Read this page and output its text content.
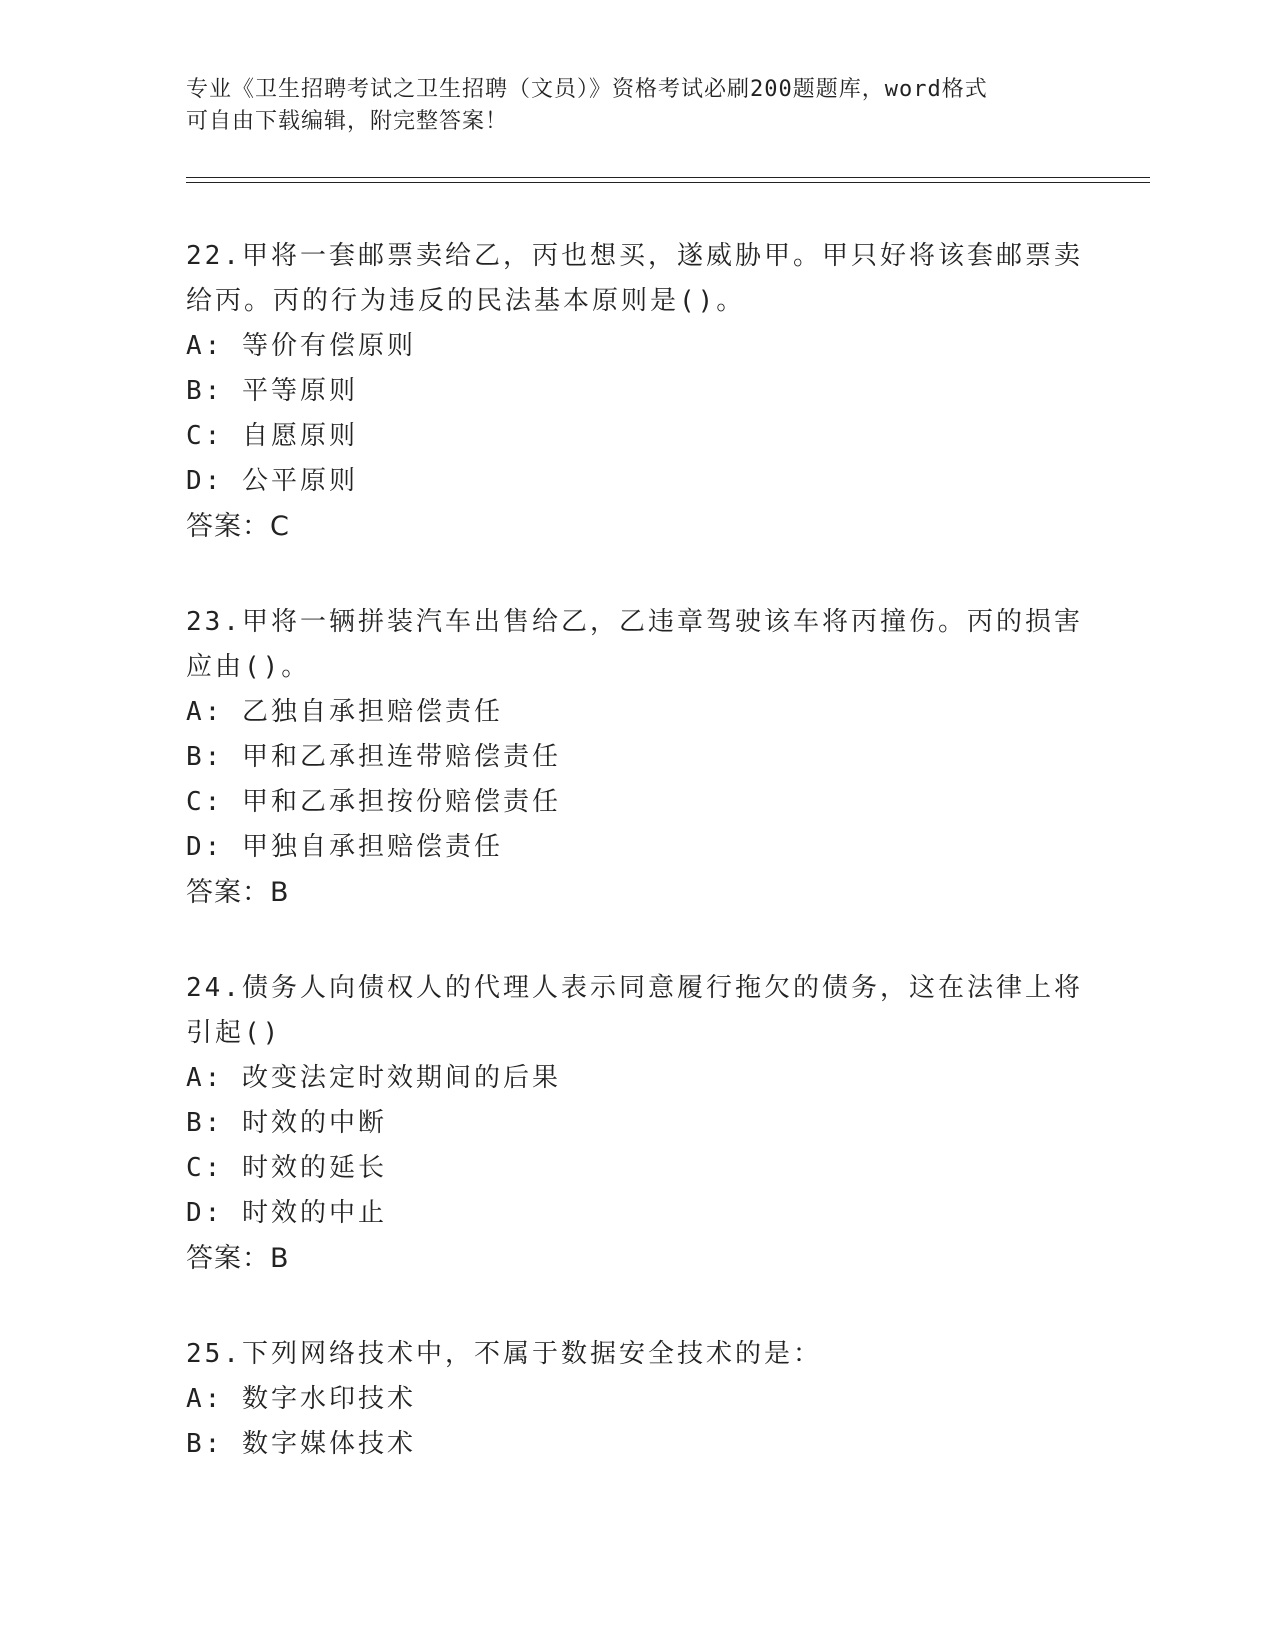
专业《卫生招聘考试之卫生招聘（文员）》资格考试必刷200题题库，word格式

可自由下载编辑，附完整答案！

22.甲将一套邮票卖给乙，丙也想买，遂威胁甲。甲只好将该套邮票卖

给丙。丙的行为违反的民法基本原则是()。

A: 等价有偿原则

B: 平等原则

C: 自愿原则

D: 公平原则

答案：C

23.甲将一辆拼装汽车出售给乙，乙违章驾驶该车将丙撞伤。丙的损害

应由()。

A: 乙独自承担赔偿责任

B: 甲和乙承担连带赔偿责任

C: 甲和乙承担按份赔偿责任

D: 甲独自承担赔偿责任

答案：B

24.债务人向债权人的代理人表示同意履行拖欠的债务，这在法律上将

引起()

A: 改变法定时效期间的后果

B: 时效的中断

C: 时效的延长

D: 时效的中止

答案：B

25.下列网络技术中，不属于数据安全技术的是：

A: 数字水印技术

B: 数字媒体技术
